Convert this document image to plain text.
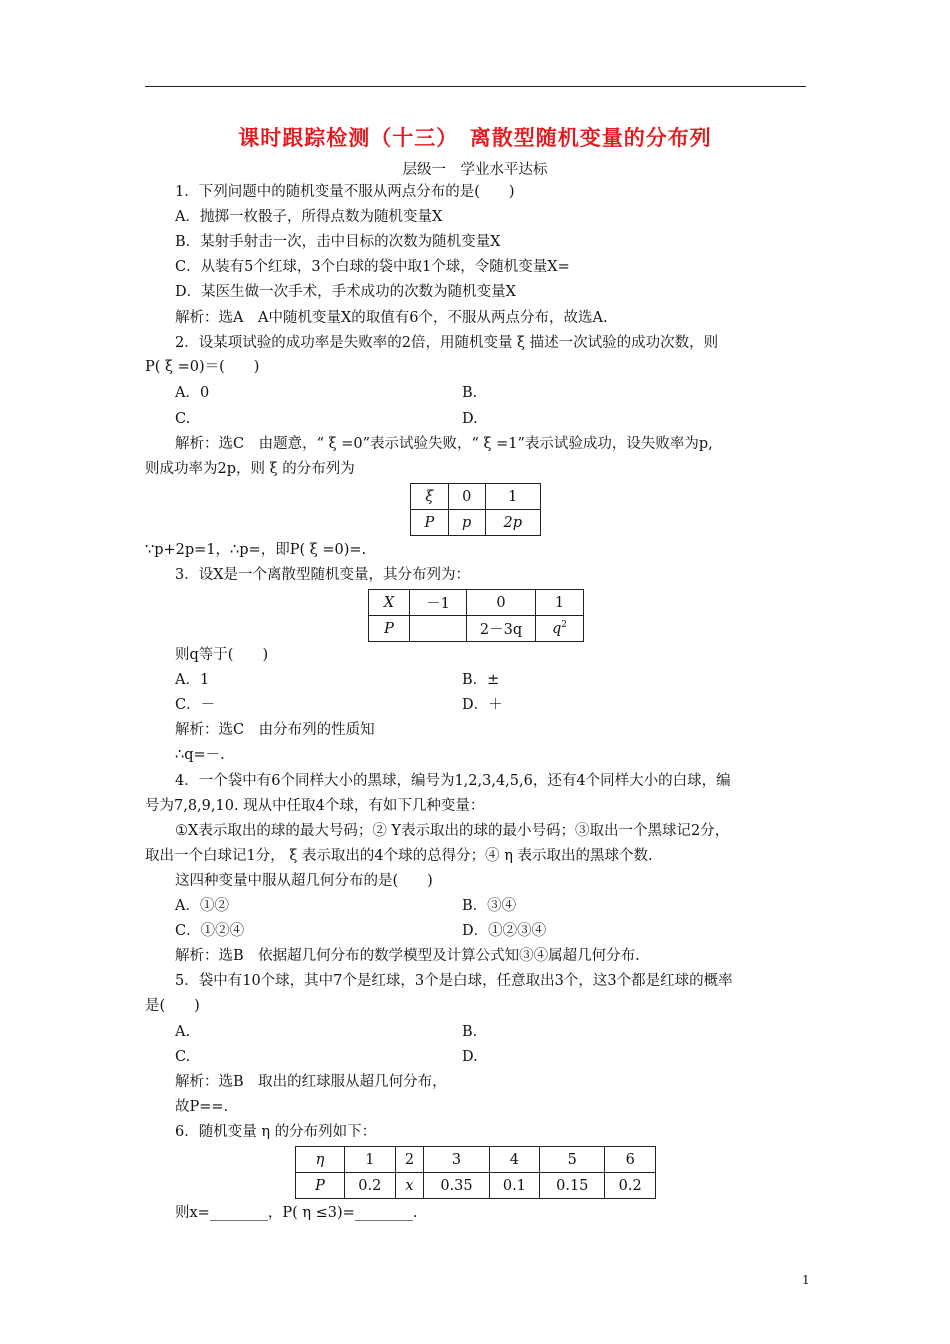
课时跟踪检测（十三）　离散型随机变量的分布列
层级一　学业水平达标
1．下列问题中的随机变量不服从两点分布的是(　　)
A．抛掷一枚骰子，所得点数为随机变量X
B．某射手射击一次，击中目标的次数为随机变量X
C．从装有5个红球，3个白球的袋中取1个球，令随机变量X=
D．某医生做一次手术，手术成功的次数为随机变量X
解析：选A　A中随机变量X的取值有6个，不服从两点分布，故选A.
2．设某项试验的成功率是失败率的2倍，用随机变量 ξ 描述一次试验的成功次数，则
P( ξ =0)＝(　　)
A．0	B.
C.	D.
解析：选C　由题意，“ ξ =0”表示试验失败，“ ξ =1”表示试验成功，设失败率为p,
则成功率为2p，则 ξ 的分布列为
ξ	0	1
P	p	2p
∵p+2p=1，∴p=，即P( ξ =0)=.
3．设X是一个离散型随机变量，其分布列为：
X	－1	0	1
P		2－3q	$q^2$
则q等于(　　)
A．1	B．±
C．－	D．＋
解析：选C　由分布列的性质知
∴q=－.
4．一个袋中有6个同样大小的黑球，编号为1,2,3,4,5,6，还有4个同样大小的白球，编
号为7,8,9,10. 现从中任取4个球，有如下几种变量：
①X表示取出的球的最大号码；② Y表示取出的球的最小号码；③取出一个黑球记2分，
取出一个白球记1分， ξ 表示取出的4个球的总得分；④ η 表示取出的黑球个数.
这四种变量中服从超几何分布的是(　　)
A．①②	B．③④
C．①②④	D．①②③④
解析：选B　依据超几何分布的数学模型及计算公式知③④属超几何分布.
5．袋中有10个球，其中7个是红球，3个是白球，任意取出3个，这3个都是红球的概率
是(　　)
A.	B.
C.	D.
解析：选B　取出的红球服从超几何分布，
故P==.
6．随机变量 η 的分布列如下：
η	1	2	3	4	5	6
P	0.2	x	0.35	0.1	0.15	0.2
则x=________，P( η ≤3)=________.
1
